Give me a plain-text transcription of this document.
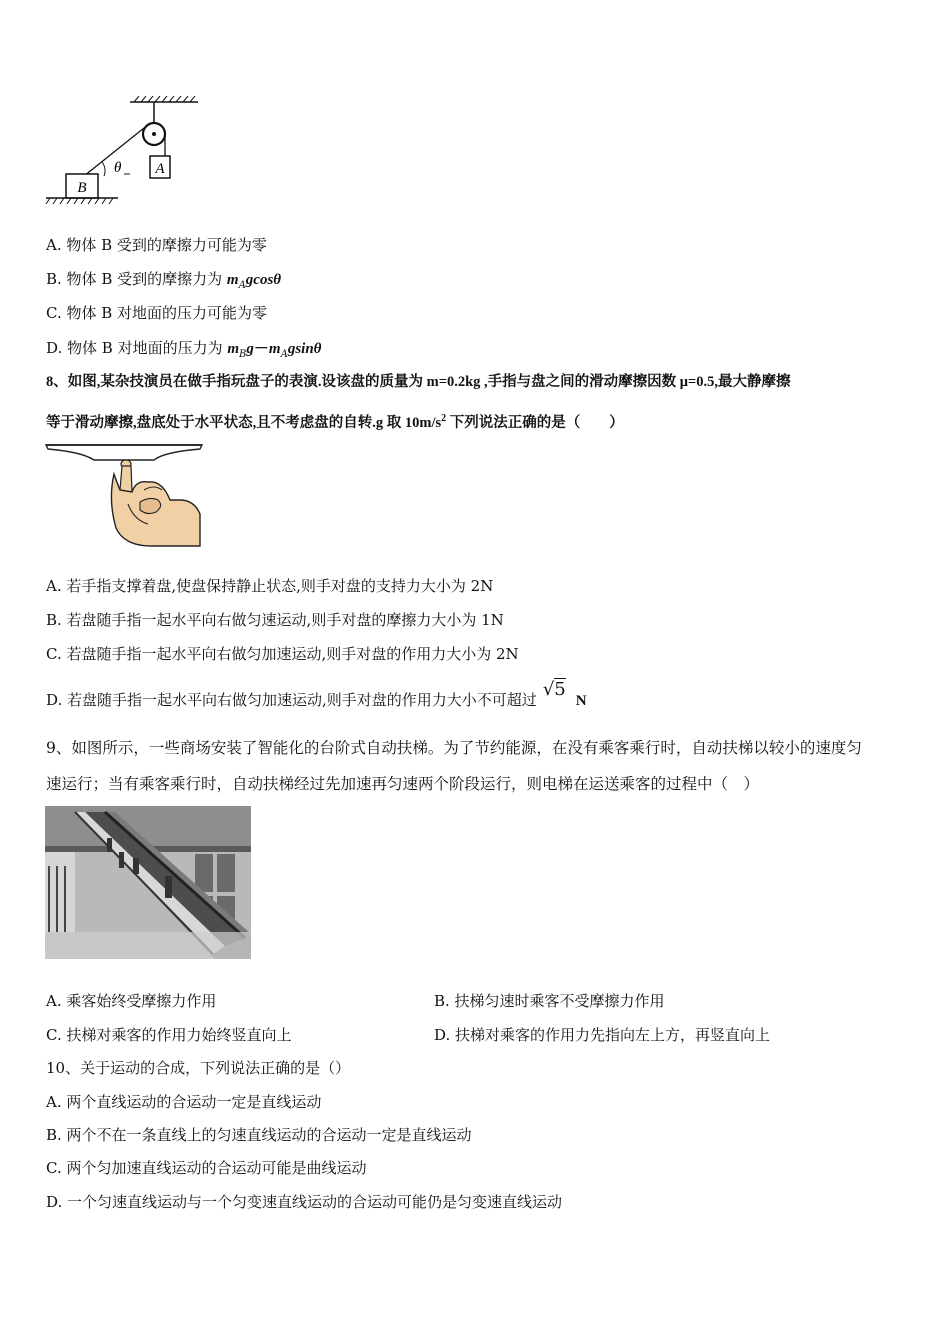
A
θ
B
A. 物体 B 受到的摩擦力可能为零
B. 物体 B 受到的摩擦力为 $m_Agcos\theta$
C. 物体 B 对地面的压力可能为零
D. 物体 B 对地面的压力为 $m_Bg-m_Agsin\theta$
8、如图,某杂技演员在做手指玩盘子的表演.设该盘的质量为 m=0.2kg ,手指与盘之间的滑动摩擦因数 μ=0.5,最大静摩擦
等于滑动摩擦,盘底处于水平状态,且不考虑盘的自转.g 取 $10m/s^2$ 下列说法正确的是（　　）
A. 若手指支撑着盘,使盘保持静止状态,则手对盘的支持力大小为 2N
B. 若盘随手指一起水平向右做匀速运动,则手对盘的摩擦力大小为 1N
C. 若盘随手指一起水平向右做匀加速运动,则手对盘的作用力大小为 2N
D. 若盘随手指一起水平向右做匀加速运动,则手对盘的作用力大小不可超过 √5N
9、如图所示，一些商场安装了智能化的台阶式自动扶梯。为了节约能源，在没有乘客乘行时，自动扶梯以较小的速度匀
速运行；当有乘客乘行时，自动扶梯经过先加速再匀速两个阶段运行，则电梯在运送乘客的过程中（　）
A. 乘客始终受摩擦力作用	B. 扶梯匀速时乘客不受摩擦力作用
C. 扶梯对乘客的作用力始终竖直向上	D. 扶梯对乘客的作用力先指向左上方，再竖直向上
10、关于运动的合成，下列说法正确的是（）
A. 两个直线运动的合运动一定是直线运动
B. 两个不在一条直线上的匀速直线运动的合运动一定是直线运动
C. 两个匀加速直线运动的合运动可能是曲线运动
D. 一个匀速直线运动与一个匀变速直线运动的合运动可能仍是匀变速直线运动
